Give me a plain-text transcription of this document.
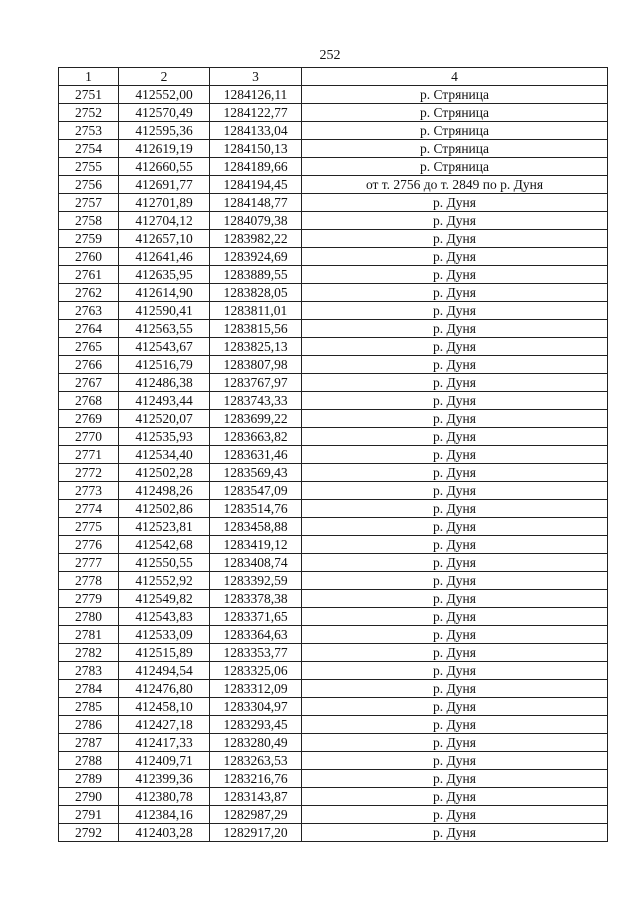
252
1	2	3	4
2751	412552,00	1284126,11	р. Стряница
2752	412570,49	1284122,77	р. Стряница
2753	412595,36	1284133,04	р. Стряница
2754	412619,19	1284150,13	р. Стряница
2755	412660,55	1284189,66	р. Стряница
2756	412691,77	1284194,45	от т. 2756 до т. 2849 по р. Дуня
2757	412701,89	1284148,77	р. Дуня
2758	412704,12	1284079,38	р. Дуня
2759	412657,10	1283982,22	р. Дуня
2760	412641,46	1283924,69	р. Дуня
2761	412635,95	1283889,55	р. Дуня
2762	412614,90	1283828,05	р. Дуня
2763	412590,41	1283811,01	р. Дуня
2764	412563,55	1283815,56	р. Дуня
2765	412543,67	1283825,13	р. Дуня
2766	412516,79	1283807,98	р. Дуня
2767	412486,38	1283767,97	р. Дуня
2768	412493,44	1283743,33	р. Дуня
2769	412520,07	1283699,22	р. Дуня
2770	412535,93	1283663,82	р. Дуня
2771	412534,40	1283631,46	р. Дуня
2772	412502,28	1283569,43	р. Дуня
2773	412498,26	1283547,09	р. Дуня
2774	412502,86	1283514,76	р. Дуня
2775	412523,81	1283458,88	р. Дуня
2776	412542,68	1283419,12	р. Дуня
2777	412550,55	1283408,74	р. Дуня
2778	412552,92	1283392,59	р. Дуня
2779	412549,82	1283378,38	р. Дуня
2780	412543,83	1283371,65	р. Дуня
2781	412533,09	1283364,63	р. Дуня
2782	412515,89	1283353,77	р. Дуня
2783	412494,54	1283325,06	р. Дуня
2784	412476,80	1283312,09	р. Дуня
2785	412458,10	1283304,97	р. Дуня
2786	412427,18	1283293,45	р. Дуня
2787	412417,33	1283280,49	р. Дуня
2788	412409,71	1283263,53	р. Дуня
2789	412399,36	1283216,76	р. Дуня
2790	412380,78	1283143,87	р. Дуня
2791	412384,16	1282987,29	р. Дуня
2792	412403,28	1282917,20	р. Дуня
